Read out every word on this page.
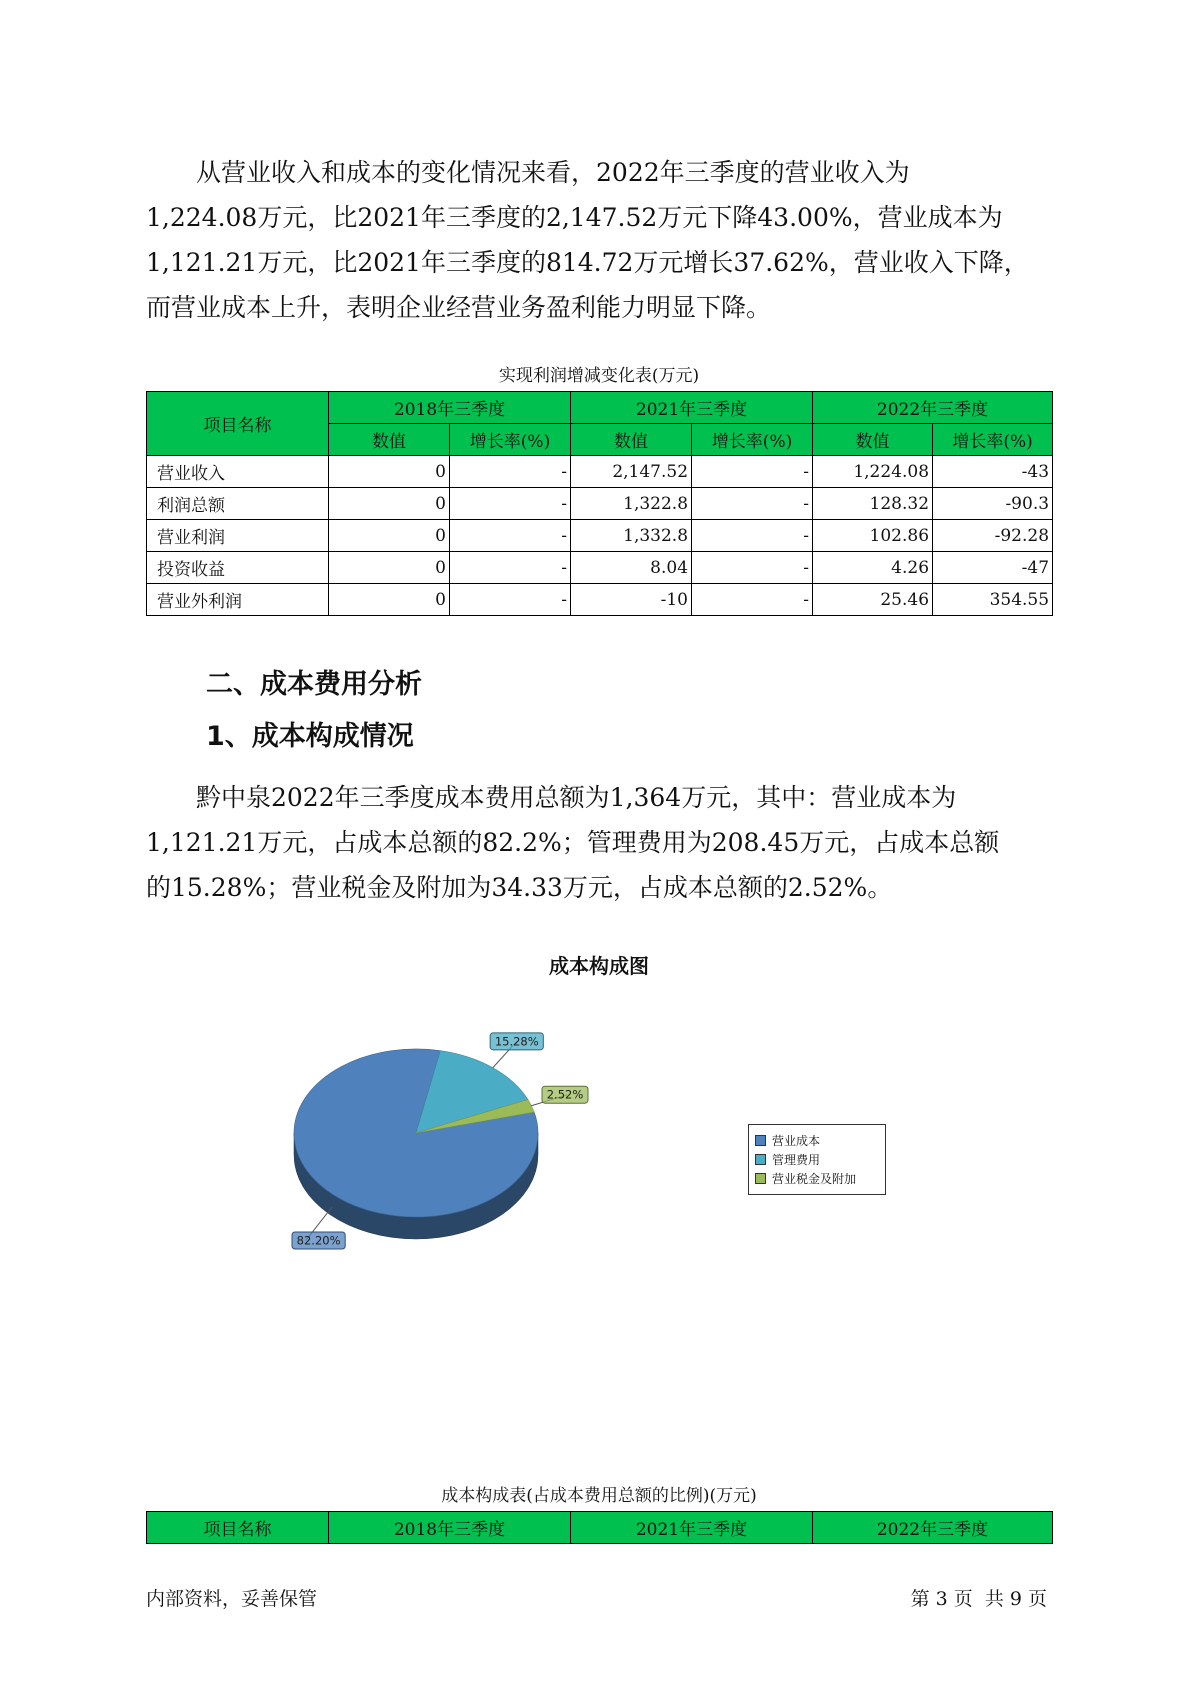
　　从营业收入和成本的变化情况来看，2022年三季度的营业收入为
1,224.08万元，比2021年三季度的2,147.52万元下降43.00%，营业成本为
1,121.21万元，比2021年三季度的814.72万元增长37.62%，营业收入下降，
而营业成本上升，表明企业经营业务盈利能力明显下降。
实现利润增减变化表(万元)
项目名称	2018年三季度		2021年三季度		2022年三季度	
	数值	增长率(%)	数值	增长率(%)	数值	增长率(%)
营业收入	0	-	2,147.52	-	1,224.08	-43
利润总额	0	-	1,322.8	-	128.32	-90.3
营业利润	0	-	1,332.8	-	102.86	-92.28
投资收益	0	-	8.04	-	4.26	-47
营业外利润	0	-	-10	-	25.46	354.55
二、成本费用分析
1、成本构成情况
　　黔中泉2022年三季度成本费用总额为1,364万元，其中：营业成本为
1,121.21万元，占成本总额的82.2%；管理费用为208.45万元，占成本总额
的15.28%；营业税金及附加为34.33万元，占成本总额的2.52%。
成本构成图
82.20%
15.28%
2.52%
营业成本
管理费用
营业税金及附加
成本构成表(占成本费用总额的比例)(万元)
项目名称	2018年三季度	2021年三季度	2022年三季度
内部资料，妥善保管	第 3 页 共 9 页
